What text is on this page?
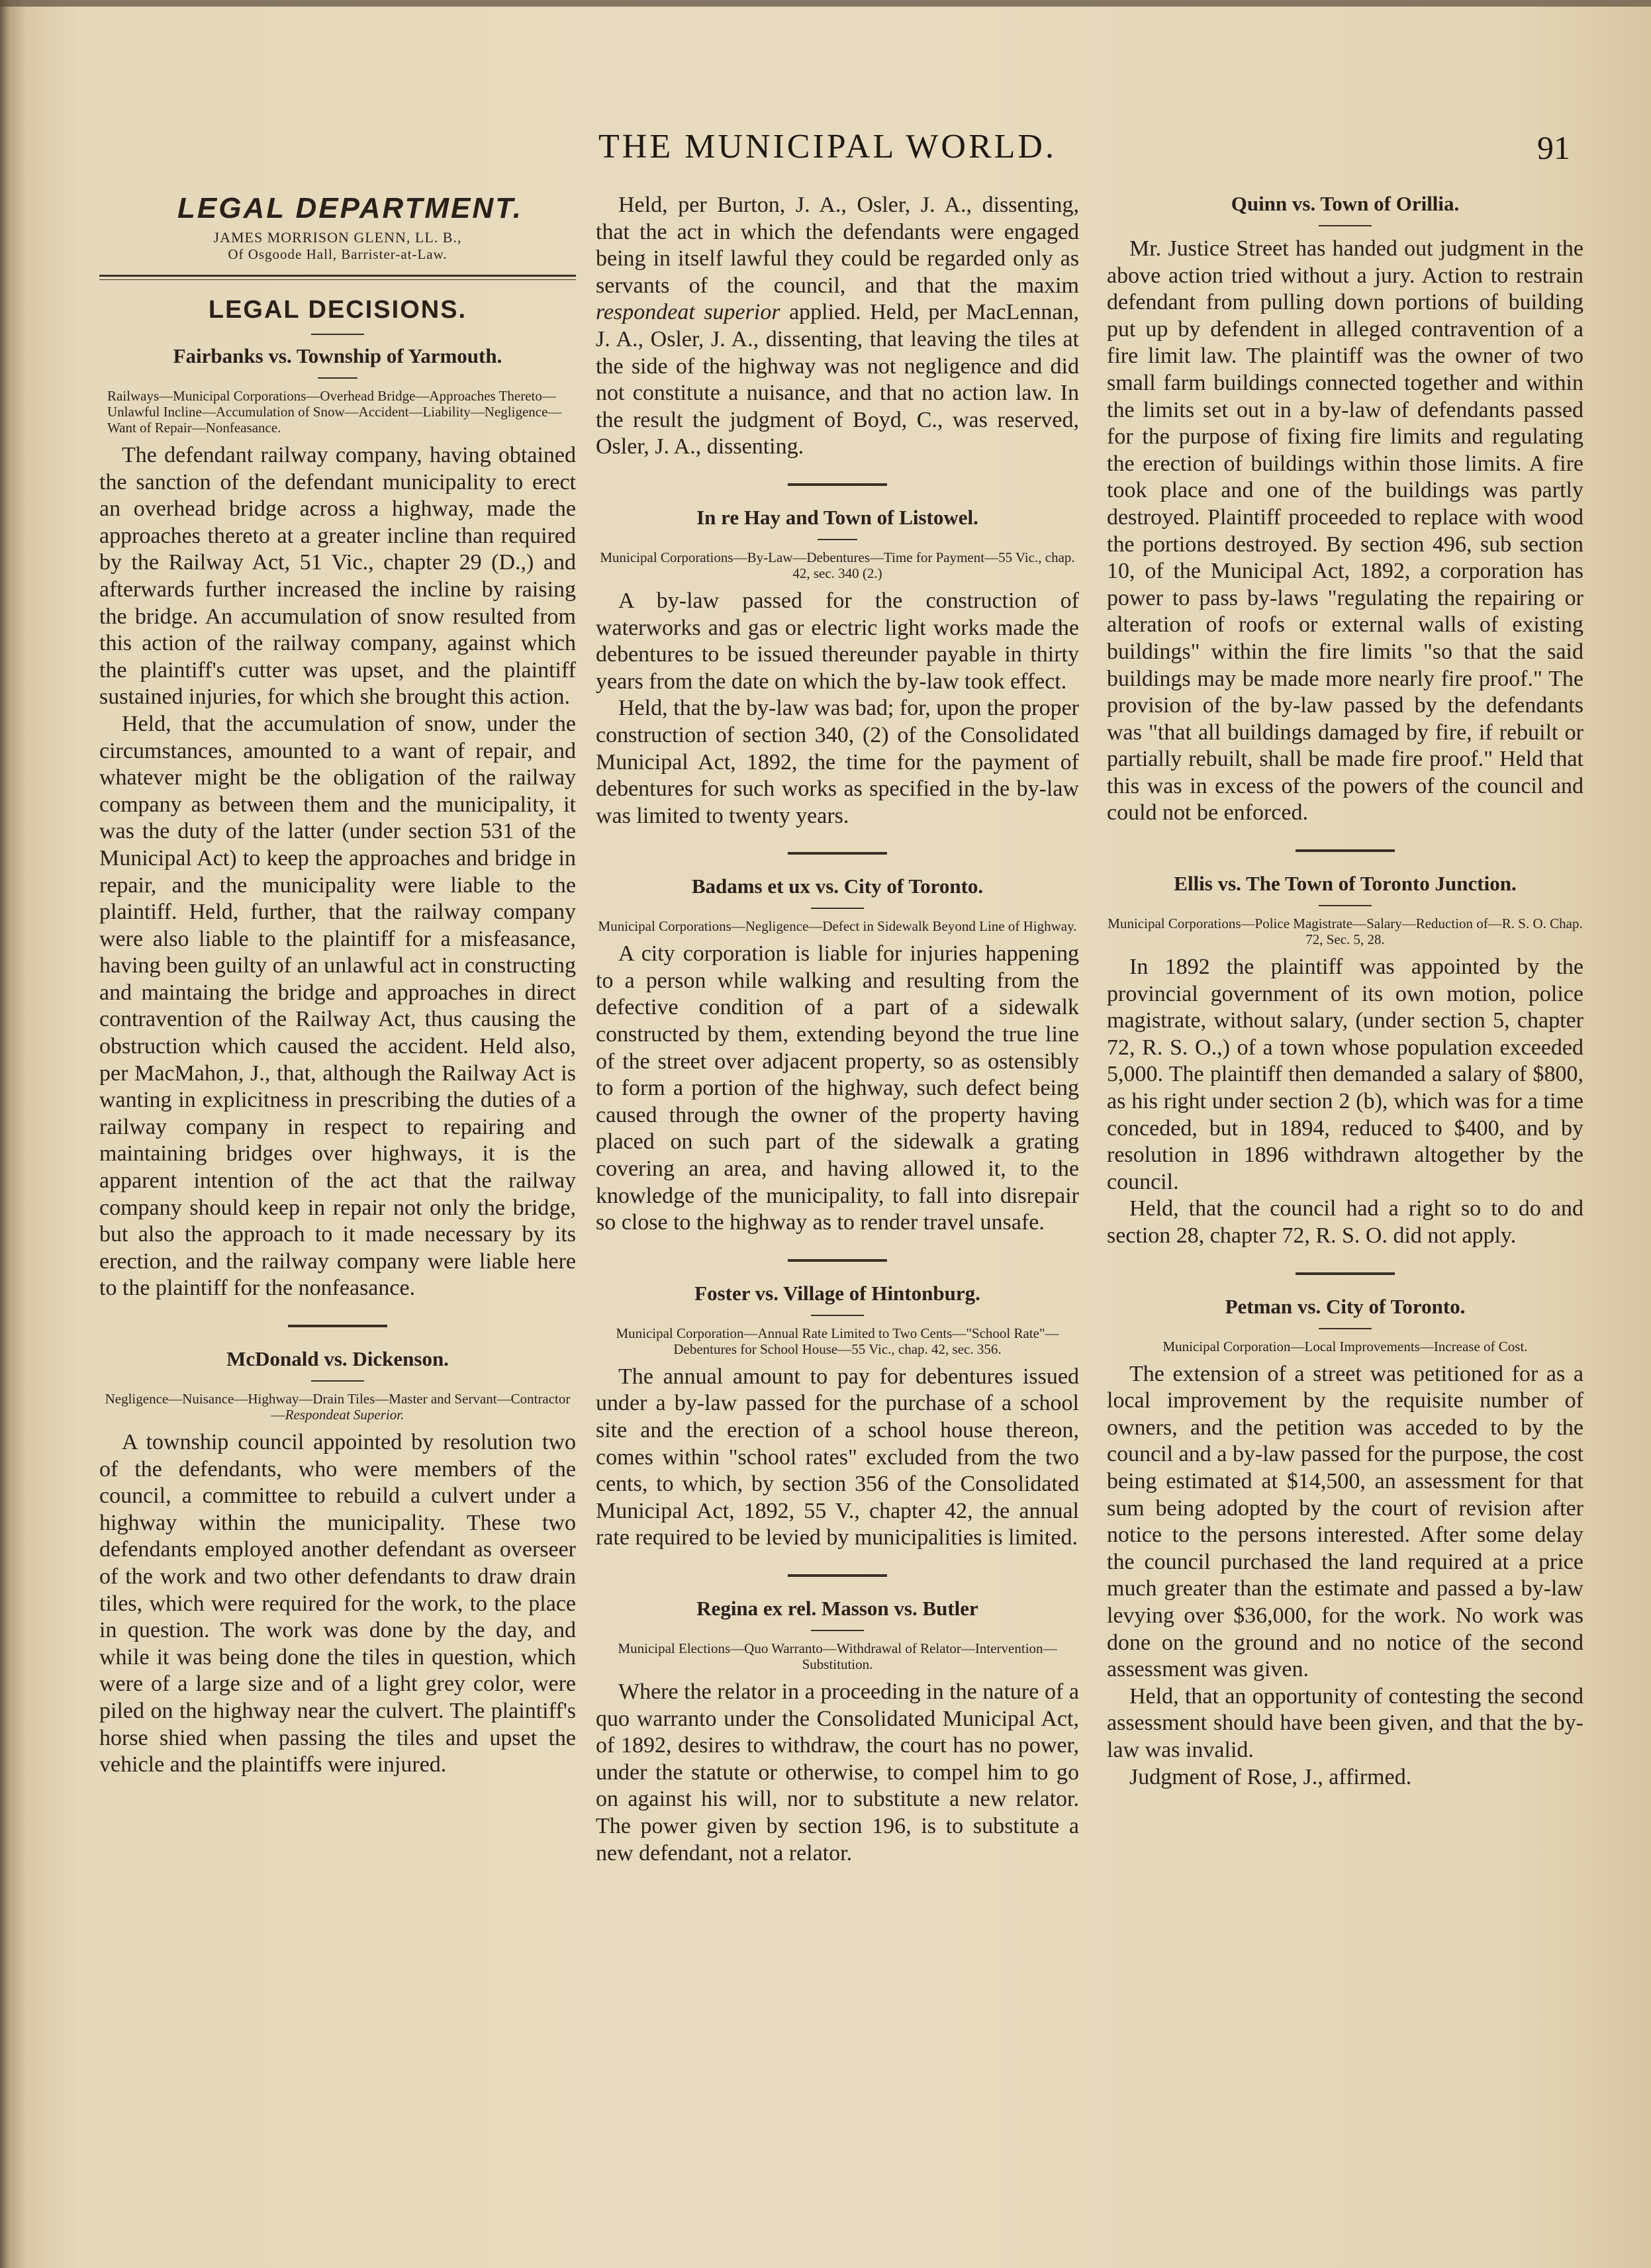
THE MUNICIPAL WORLD.	91

LEGAL DEPARTMENT.

JAMES MORRISON GLENN, LL. B.,

Of Osgoode Hall, Barrister-at-Law.

LEGAL DECISIONS.

Fairbanks vs. Township of Yarmouth.

Railways—Municipal Corporations—Overhead Bridge—Approaches Thereto—Unlawful Incline—Accumulation of Snow—Accident—Liability—Negligence—Want of Repair—Nonfeasance.

The defendant railway company, having obtained the sanction of the defendant municipality to erect an overhead bridge across a highway, made the approaches thereto at a greater incline than required by the Railway Act, 51 Vic., chapter 29 (D.,) and afterwards further increased the incline by raising the bridge. An accumulation of snow resulted from this action of the railway company, against which the plaintiff's cutter was upset, and the plaintiff sustained injuries, for which she brought this action.

Held, that the accumulation of snow, under the circumstances, amounted to a want of repair, and whatever might be the obligation of the railway company as between them and the municipality, it was the duty of the latter (under section 531 of the Municipal Act) to keep the approaches and bridge in repair, and the municipality were liable to the plaintiff. Held, further, that the railway company were also liable to the plaintiff for a misfeasance, having been guilty of an unlawful act in constructing and maintaing the bridge and approaches in direct contravention of the Railway Act, thus causing the obstruction which caused the accident. Held also, per MacMahon, J., that, although the Railway Act is wanting in explicitness in prescribing the duties of a railway company in respect to repairing and maintaining bridges over highways, it is the apparent intention of the act that the railway company should keep in repair not only the bridge, but also the approach to it made necessary by its erection, and the railway company were liable here to the plaintiff for the nonfeasance.

McDonald vs. Dickenson.

Negligence—Nuisance—Highway—Drain Tiles—Master and Servant—Contractor—Respondeat Superior.

A township council appointed by resolution two of the defendants, who were members of the council, a committee to rebuild a culvert under a highway within the municipality. These two defendants employed another defendant as overseer of the work and two other defendants to draw drain tiles, which were required for the work, to the place in question. The work was done by the day, and while it was being done the tiles in question, which were of a large size and of a light grey color, were piled on the highway near the culvert. The plaintiff's horse shied when passing the tiles and upset the vehicle and the plaintiffs were injured.

Held, per Burton, J. A., Osler, J. A., dissenting, that the act in which the defendants were engaged being in itself lawful they could be regarded only as servants of the council, and that the maxim respondeat superior applied. Held, per MacLennan, J. A., Osler, J. A., dissenting, that leaving the tiles at the side of the highway was not negligence and did not constitute a nuisance, and that no action law. In the result the judgment of Boyd, C., was reserved, Osler, J. A., dissenting.

In re Hay and Town of Listowel.

Municipal Corporations—By-Law—Debentures—Time for Payment—55 Vic., chap. 42, sec. 340 (2.)

A by-law passed for the construction of waterworks and gas or electric light works made the debentures to be issued thereunder payable in thirty years from the date on which the by-law took effect.

Held, that the by-law was bad; for, upon the proper construction of section 340, (2) of the Consolidated Municipal Act, 1892, the time for the payment of debentures for such works as specified in the by-law was limited to twenty years.

Badams et ux vs. City of Toronto.

Municipal Corporations—Negligence—Defect in Sidewalk Beyond Line of Highway.

A city corporation is liable for injuries happening to a person while walking and resulting from the defective condition of a part of a sidewalk constructed by them, extending beyond the true line of the street over adjacent property, so as ostensibly to form a portion of the highway, such defect being caused through the owner of the property having placed on such part of the sidewalk a grating covering an area, and having allowed it, to the knowledge of the municipality, to fall into disrepair so close to the highway as to render travel unsafe.

Foster vs. Village of Hintonburg.

Municipal Corporation—Annual Rate Limited to Two Cents—"School Rate"—Debentures for School House—55 Vic., chap. 42, sec. 356.

The annual amount to pay for debentures issued under a by-law passed for the purchase of a school site and the erection of a school house thereon, comes within "school rates" excluded from the two cents, to which, by section 356 of the Consolidated Municipal Act, 1892, 55 V., chapter 42, the annual rate required to be levied by municipalities is limited.

Regina ex rel. Masson vs. Butler

Municipal Elections—Quo Warranto—Withdrawal of Relator—Intervention—Substitution.

Where the relator in a proceeding in the nature of a quo warranto under the Consolidated Municipal Act, of 1892, desires to withdraw, the court has no power, under the statute or otherwise, to compel him to go on against his will, nor to substitute a new relator. The power given by section 196, is to substitute a new defendant, not a relator.

Quinn vs. Town of Orillia.

Mr. Justice Street has handed out judgment in the above action tried without a jury. Action to restrain defendant from pulling down portions of building put up by defendent in alleged contravention of a fire limit law. The plaintiff was the owner of two small farm buildings connected together and within the limits set out in a by-law of defendants passed for the purpose of fixing fire limits and regulating the erection of buildings within those limits. A fire took place and one of the buildings was partly destroyed. Plaintiff proceeded to replace with wood the portions destroyed. By section 496, sub section 10, of the Municipal Act, 1892, a corporation has power to pass by-laws "regulating the repairing or alteration of roofs or external walls of existing buildings" within the fire limits "so that the said buildings may be made more nearly fire proof." The provision of the by-law passed by the defendants was "that all buildings damaged by fire, if rebuilt or partially rebuilt, shall be made fire proof." Held that this was in excess of the powers of the council and could not be enforced.

Ellis vs. The Town of Toronto Junction.

Municipal Corporations—Police Magistrate—Salary—Reduction of—R. S. O. Chap. 72, Sec. 5, 28.

In 1892 the plaintiff was appointed by the provincial government of its own motion, police magistrate, without salary, (under section 5, chapter 72, R. S. O.,) of a town whose population exceeded 5,000. The plaintiff then demanded a salary of $800, as his right under section 2 (b), which was for a time conceded, but in 1894, reduced to $400, and by resolution in 1896 withdrawn altogether by the council.

Held, that the council had a right so to do and section 28, chapter 72, R. S. O. did not apply.

Petman vs. City of Toronto.

Municipal Corporation—Local Improvements—Increase of Cost.

The extension of a street was petitioned for as a local improvement by the requisite number of owners, and the petition was acceded to by the council and a by-law passed for the purpose, the cost being estimated at $14,500, an assessment for that sum being adopted by the court of revision after notice to the persons interested. After some delay the council purchased the land required at a price much greater than the estimate and passed a by-law levying over $36,000, for the work. No work was done on the ground and no notice of the second assessment was given.

Held, that an opportunity of contesting the second assessment should have been given, and that the by-law was invalid.

Judgment of Rose, J., affirmed.
